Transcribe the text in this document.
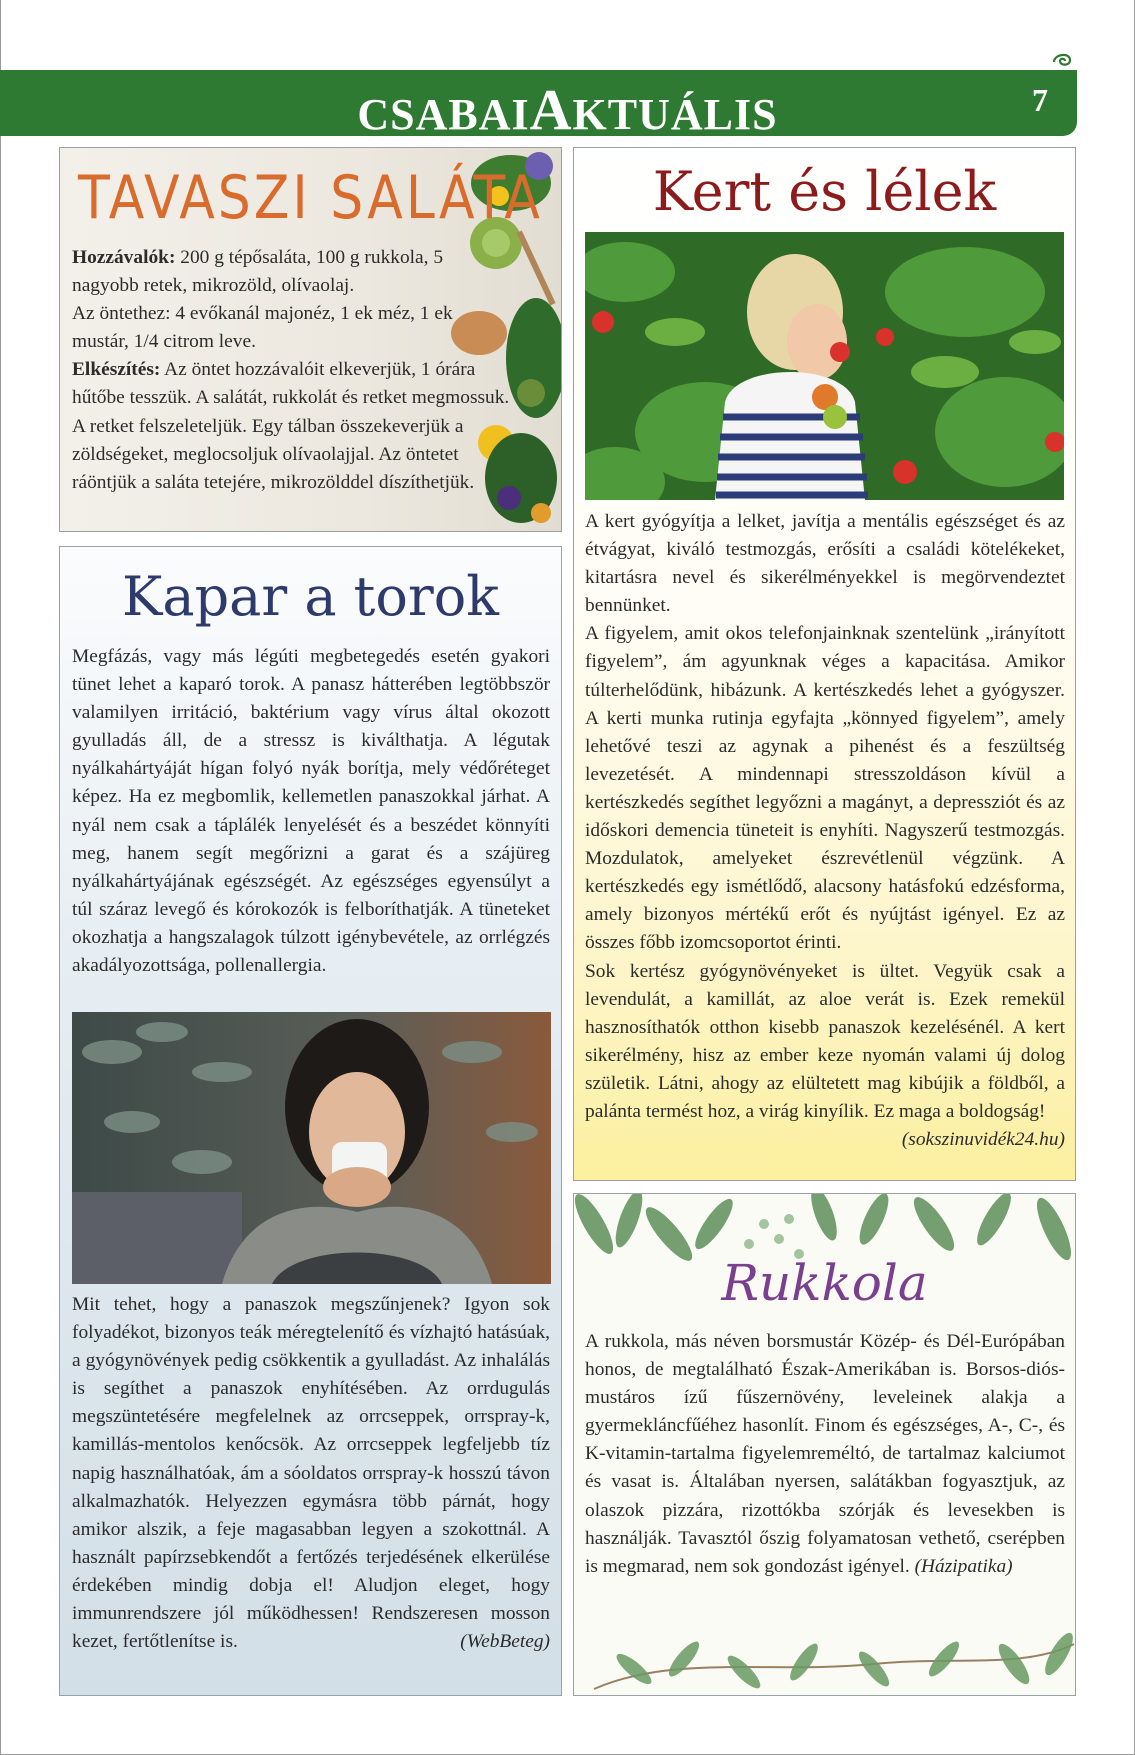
CSABAIAKTUÁLIS	7
TAVASZI SALÁTA
Hozzávalók: 200 g tépősaláta, 100 g rukkola, 5 nagyobb retek, mikrozöld, olívaolaj.
Az öntethez: 4 evőkanál majonéz, 1 ek méz, 1 ek mustár, 1/4 citrom leve.
Elkészítés: Az öntet hozzávalóit elkeverjük, 1 órára hűtőbe tesszük. A salátát, rukkolát és retket megmossuk. A retket felszeleteljük. Egy tálban összekeverjük a zöldségeket, meglocsoljuk olívaolajjal. Az öntetet ráöntjük a saláta tetejére, mikrozölddel díszíthetjük.
Kapar a torok
Megfázás, vagy más légúti megbetegedés esetén gyakori tünet lehet a kaparó torok. A panasz hátterében legtöbbször valamilyen irritáció, baktérium vagy vírus által okozott gyulladás áll, de a stressz is kiválthatja. A légutak nyálkahártyáját hígan folyó nyák borítja, mely védőréteget képez. Ha ez megbomlik, kellemetlen panaszokkal járhat. A nyál nem csak a táplálék lenyelését és a beszédet könnyíti meg, hanem segít megőrizni a garat és a szájüreg nyálkahártyájának egészségét. Az egészséges egyensúlyt a túl száraz levegő és kórokozók is felboríthatják. A tüneteket okozhatja a hangszalagok túlzott igénybevétele, az orrlégzés akadályozottsága, pollenallergia.
Mit tehet, hogy a panaszok megszűnjenek? Igyon sok folyadékot, bizonyos teák méregtelenítő és vízhajtó hatásúak, a gyógynövények pedig csökkentik a gyulladást. Az inhalálás is segíthet a panaszok enyhítésében. Az orrdugulás megszüntetésére megfelelnek az orrcseppek, orrspray-k, kamillás-mentolos kenőcsök. Az orrcseppek legfeljebb tíz napig használhatóak, ám a sóoldatos orrspray-k hosszú távon alkalmazhatók. Helyezzen egymásra több párnát, hogy amikor alszik, a feje magasabban legyen a szokottnál. A használt papírzsebkendőt a fertőzés terjedésének elkerülése érdekében mindig dobja el! Aludjon eleget, hogy immunrendszere jól működhessen! Rendszeresen mosson kezet, fertőtlenítse is.	(WebBeteg)
Kert és lélek

A kert gyógyítja a lelket, javítja a mentális egészséget és az étvágyat, kiváló testmozgás, erősíti a családi kötelékeket, kitartásra nevel és sikerélményekkel is megörvendeztet bennünket.

A figyelem, amit okos telefonjainknak szentelünk „irányított figyelem”, ám agyunknak véges a kapacitása. Amikor túlterhelődünk, hibázunk. A kertészkedés lehet a gyógyszer. A kerti munka rutinja egyfajta „könnyed figyelem”, amely lehetővé teszi az agynak a pihenést és a feszültség levezetését. A mindennapi stresszoldáson kívül a kertészkedés segíthet legyőzni a magányt, a depressziót és az időskori demencia tüneteit is enyhíti. Nagyszerű testmozgás. Mozdulatok, amelyeket észrevétlenül végzünk. A kertészkedés egy ismétlődő, alacsony hatásfokú edzésforma, amely bizonyos mértékű erőt és nyújtást igényel. Ez az összes főbb izomcsoportot érinti.

Sok kertész gyógynövényeket is ültet. Vegyük csak a levendulát, a kamillát, az aloe verát is. Ezek remekül hasznosíthatók otthon kisebb panaszok kezelésénél. A kert sikerélmény, hisz az ember keze nyomán valami új dolog születik. Látni, ahogy az elültetett mag kibújik a földből, a palánta termést hoz, a virág kinyílik. Ez maga a boldogság!
(sokszinuvidék24.hu)

Rukkola
A rukkola, más néven borsmustár Közép- és Dél-Európában honos, de megtalálható Észak-Amerikában is. Borsos-diós-mustáros ízű fűszernövény, leveleinek alakja a gyermekláncfűéhez hasonlít. Finom és egészséges, A-, C-, és K-vitamin-tartalma figyelemreméltó, de tartalmaz kalciumot és vasat is. Általában nyersen, salátákban fogyasztjuk, az olaszok pizzára, rizottókba szórják és levesekben is használják. Tavasztól őszig folyamatosan vethető, cserépben is megmarad, nem sok gondozást igényel. (Házipatika)
